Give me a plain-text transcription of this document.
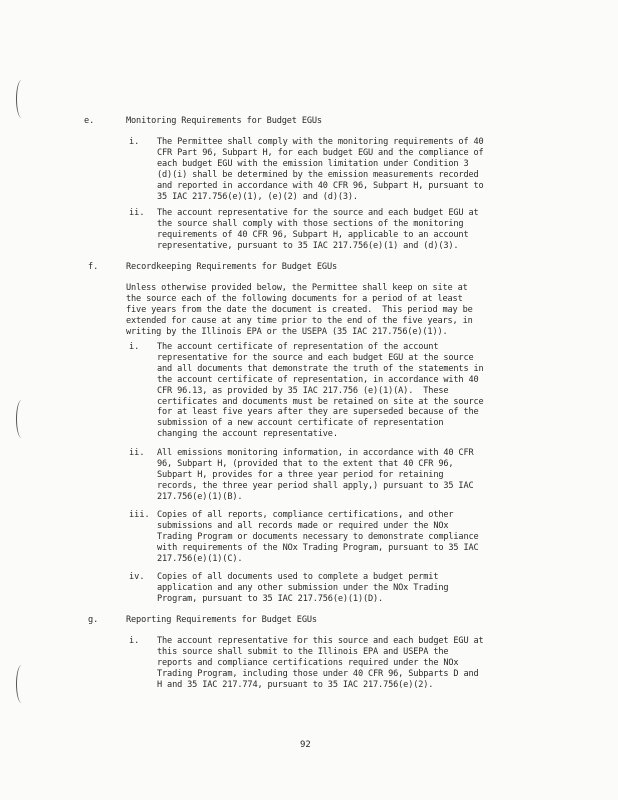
e.	Monitoring Requirements for Budget EGUs
i. The Permittee shall comply with the monitoring requirements of 40
CFR Part 96, Subpart H, for each budget EGU and the compliance of
each budget EGU with the emission limitation under Condition 3
(d)(i) shall be determined by the emission measurements recorded
and reported in accordance with 40 CFR 96, Subpart H, pursuant to
35 IAC 217.756(e)(1), (e)(2) and (d)(3).
ii. The account representative for the source and each budget EGU at
the source shall comply with those sections of the monitoring
requirements of 40 CFR 96, Subpart H, applicable to an account
representative, pursuant to 35 IAC 217.756(e)(1) and (d)(3).
f.	Recordkeeping Requirements for Budget EGUs
Unless otherwise provided below, the Permittee shall keep on site at
the source each of the following documents for a period of at least
five years from the date the document is created.  This period may be
extended for cause at any time prior to the end of the five years, in
writing by the Illinois EPA or the USEPA (35 IAC 217.756(e)(1)).
i. The account certificate of representation of the account
representative for the source and each budget EGU at the source
and all documents that demonstrate the truth of the statements in
the account certificate of representation, in accordance with 40
CFR 96.13, as provided by 35 IAC 217.756 (e)(1)(A).  These
certificates and documents must be retained on site at the source
for at least five years after they are superseded because of the
submission of a new account certificate of representation
changing the account representative.
ii. All emissions monitoring information, in accordance with 40 CFR
96, Subpart H, (provided that to the extent that 40 CFR 96,
Subpart H, provides for a three year period for retaining
records, the three year period shall apply,) pursuant to 35 IAC
217.756(e)(1)(B).
iii. Copies of all reports, compliance certifications, and other
submissions and all records made or required under the NOx
Trading Program or documents necessary to demonstrate compliance
with requirements of the NOx Trading Program, pursuant to 35 IAC
217.756(e)(1)(C).
iv. Copies of all documents used to complete a budget permit
application and any other submission under the NOx Trading
Program, pursuant to 35 IAC 217.756(e)(1)(D).
g.	Reporting Requirements for Budget EGUs
i. The account representative for this source and each budget EGU at
this source shall submit to the Illinois EPA and USEPA the
reports and compliance certifications required under the NOx
Trading Program, including those under 40 CFR 96, Subparts D and
H and 35 IAC 217.774, pursuant to 35 IAC 217.756(e)(2).
92
